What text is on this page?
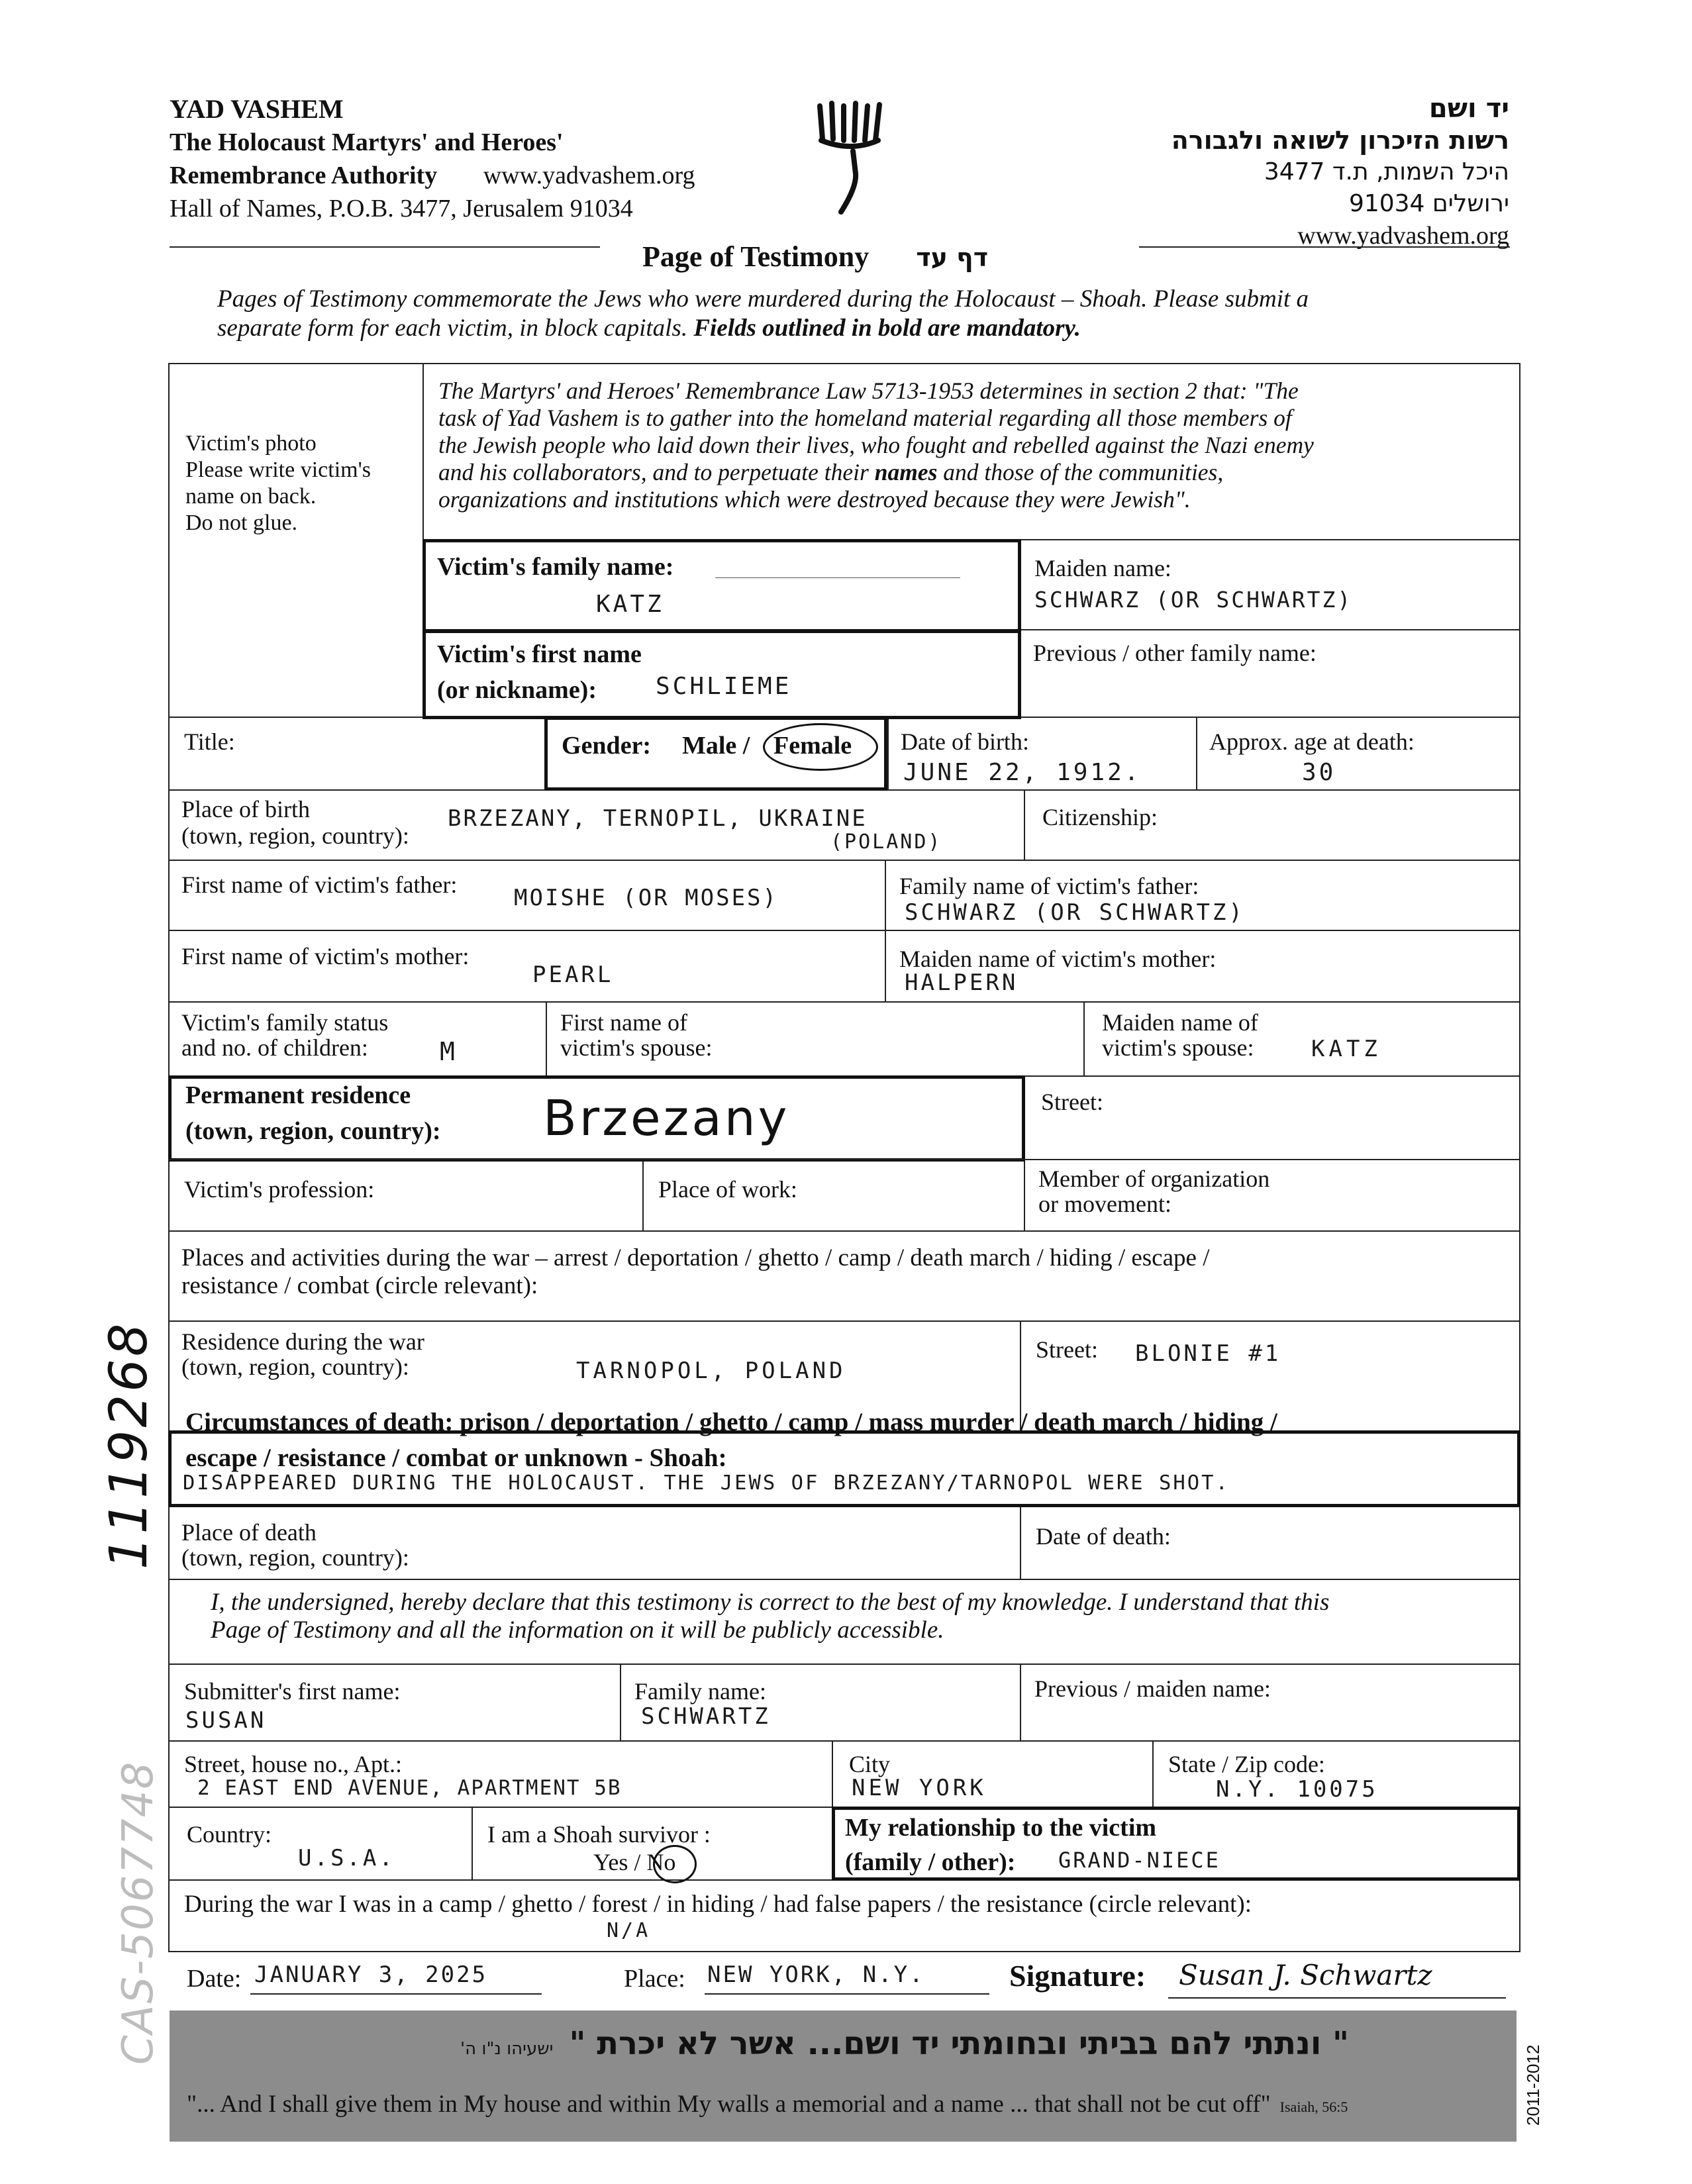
YAD VASHEM
The Holocaust Martyrs' and Heroes'
Remembrance Authority www.yadvashem.org
Hall of Names, P.O.B. 3477, Jerusalem 91034
יד ושם
רשות הזיכרון לשואה ולגבורה
היכל השמות, ת.ד 3477
ירושלים 91034
www.yadvashem.org
Page of Testimony דף עד
Pages of Testimony commemorate the Jews who were murdered during the Holocaust – Shoah. Please submit a
separate form for each victim, in block capitals. Fields outlined in bold are mandatory.
Victim's photo
Please write victim's
name on back.
Do not glue.
The Martyrs' and Heroes' Remembrance Law 5713-1953 determines in section 2 that: "The
task of Yad Vashem is to gather into the homeland material regarding all those members of
the Jewish people who laid down their lives, who fought and rebelled against the Nazi enemy
and his collaborators, and to perpetuate their names and those of the communities,
organizations and institutions which were destroyed because they were Jewish".
Victim's family name:
KATZ
Maiden name:
SCHWARZ (OR SCHWARTZ)
Victim's first name
(or nickname): SCHLIEME
Previous / other family name:
Title:	Gender: Male / Female Date of birth:
JUNE 22, 1912.
Approx. age at death:
30
Place of birth
(town, region, country):
BRZEZANY, TERNOPIL, UKRAINE
(POLAND)
Citizenship:
First name of victim's father:	MOISHE (OR MOSES)	Family name of victim's father:
SCHWARZ (OR SCHWARTZ)
First name of victim's mother:
PEARL
Maiden name of victim's mother:
HALPERN
Victim's family status
and no. of children:	M
First name of
victim's spouse:
Maiden name of
victim's spouse:	KATZ
Permanent residence
(town, region, country): Brzezany	Street:
Victim's profession:	Place of work:	Member of organization
or movement:
Places and activities during the war – arrest / deportation / ghetto / camp / death march / hiding / escape /
resistance / combat (circle relevant):
Residence during the war
(town, region, country):	TARNOPOL, POLAND
Street: BLONIE #1
Circumstances of death: prison / deportation / ghetto / camp / mass murder / death march / hiding /
escape / resistance / combat or unknown - Shoah:
DISAPPEARED DURING THE HOLOCAUST. THE JEWS OF BRZEZANY/TARNOPOL WERE SHOT.
Place of death
(town, region, country):
Date of death:
I, the undersigned, hereby declare that this testimony is correct to the best of my knowledge. I understand that this
Page of Testimony and all the information on it will be publicly accessible.
Submitter's first name:
SUSAN
Family name:
SCHWARTZ
Previous / maiden name:
Street, house no., Apt.:
2 EAST END AVENUE, APARTMENT 5B
City
NEW YORK
State / Zip code:
N.Y. 10075
Country:
U.S.A.
I am a Shoah survivor :
Yes / No
My relationship to the victim
(family / other): GRAND-NIECE
During the war I was in a camp / ghetto / forest / in hiding / had false papers / the resistance (circle relevant):
N/A
Date: JANUARY 3, 2025	Place: NEW YORK, N.Y.	Signature: Susan J. Schwartz
" ונתתי להם בביתי ובחומתי יד ושם... אשר לא יכרת " ישעיהו נ"ו ה'
"... And I shall give them in My house and within My walls a memorial and a name ... that shall not be cut off" Isaiah, 56:5	2011-2012
1119268
CAS-5067748
